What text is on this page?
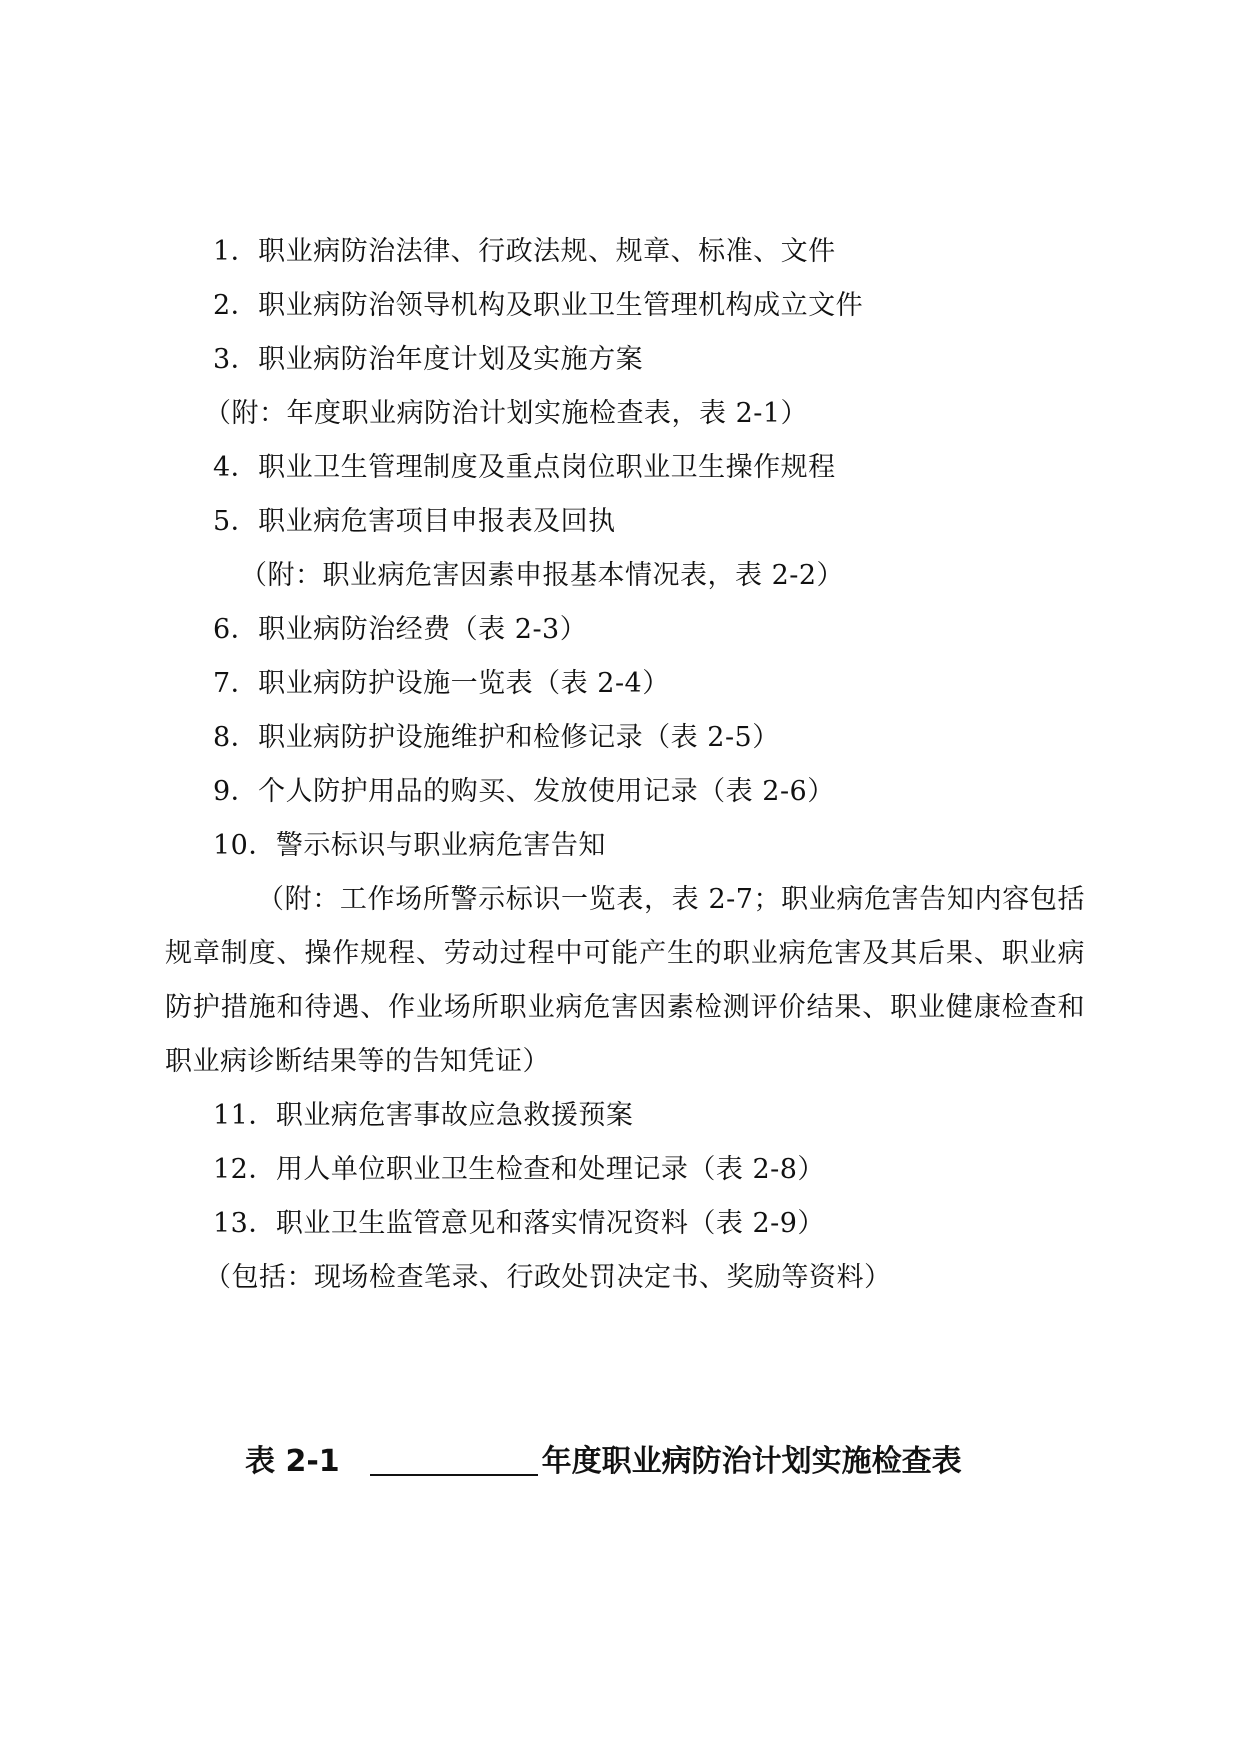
1．职业病防治法律、行政法规、规章、标准、文件
2．职业病防治领导机构及职业卫生管理机构成立文件
3．职业病防治年度计划及实施方案
（附：年度职业病防治计划实施检查表，表 2-1）
4．职业卫生管理制度及重点岗位职业卫生操作规程
5．职业病危害项目申报表及回执
（附：职业病危害因素申报基本情况表，表 2-2）
6．职业病防治经费（表 2-3）
7．职业病防护设施一览表（表 2-4）
8．职业病防护设施维护和检修记录（表 2-5）
9．个人防护用品的购买、发放使用记录（表 2-6）
10．警示标识与职业病危害告知
（附：工作场所警示标识一览表，表 2-7；职业病危害告知内容包括规章制度、操作规程、劳动过程中可能产生的职业病危害及其后果、职业病防护措施和待遇、作业场所职业病危害因素检测评价结果、职业健康检查和职业病诊断结果等的告知凭证）
11．职业病危害事故应急救援预案
12．用人单位职业卫生检查和处理记录（表 2-8）
13．职业卫生监管意见和落实情况资料（表 2-9）
（包括：现场检查笔录、行政处罚决定书、奖励等资料）
表 2-1	年度职业病防治计划实施检查表
